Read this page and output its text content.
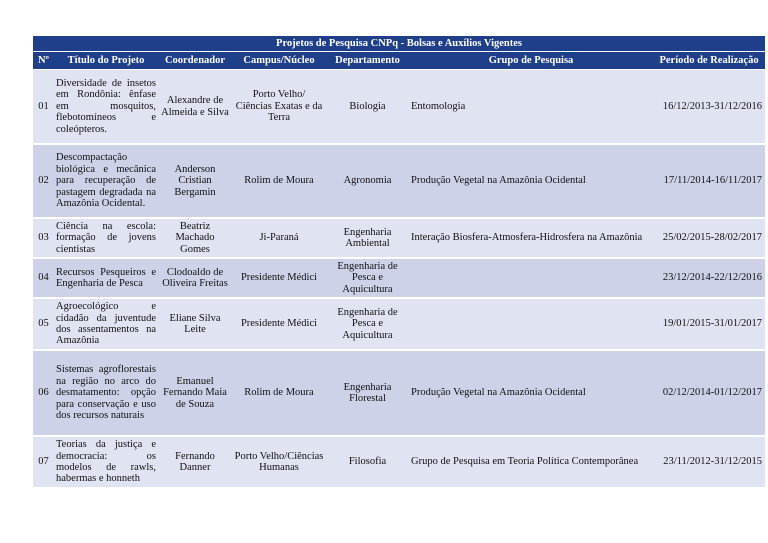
Projetos de Pesquisa CNPq - Bolsas e Auxílios Vigentes						

Nº	Título do Projeto	Coordenador	Campus/Núcleo	Departamento	Grupo de Pesquisa	Período de Realização

01	Diversidade de insetos em Rondônia: ênfase em mosquitos, flebotomíneos e coleópteros.	Alexandre de Almeida e Silva	Porto Velho/ Ciências Exatas e da Terra	Biologia	Entomologia	16/12/2013-31/12/2016
02	Descompactação biológica e mecânica para recuperação de pastagem degradada na Amazônia Ocidental.	Anderson Cristian Bergamin	Rolim de Moura	Agronomia	Produção Vegetal na Amazônia Ocidental	17/11/2014-16/11/2017
03	Ciência na escola: formação de jovens cientistas	Beatriz Machado Gomes	Ji-Paraná	Engenharia Ambiental	Interação Biosfera-Atmosfera-Hidrosfera na Amazônia	25/02/2015-28/02/2017
04	Recursos Pesqueiros e Engenharia de Pesca	Clodoaldo de Oliveira Freitas	Presidente Médici	Engenharia de Pesca e Aquicultura		23/12/2014-22/12/2016
05	Agroecológico e cidadão da juventude dos assentamentos na Amazônia	Eliane Silva Leite	Presidente Médici	Engenharia de Pesca e Aquicultura		19/01/2015-31/01/2017
06	Sistemas agroflorestais na região no arco do desmatamento: opção para conservação e uso dos recursos naturais	Emanuel Fernando Maia de Souza	Rolim de Moura	Engenharia Florestal	Produção Vegetal na Amazônia Ocidental	02/12/2014-01/12/2017
07	Teorias da justiça e democracia: os modelos de rawls, habermas e honneth	Fernando Danner	Porto Velho/Ciências Humanas	Filosofia	Grupo de Pesquisa em Teoria Política Contemporânea	23/11/2012-31/12/2015
